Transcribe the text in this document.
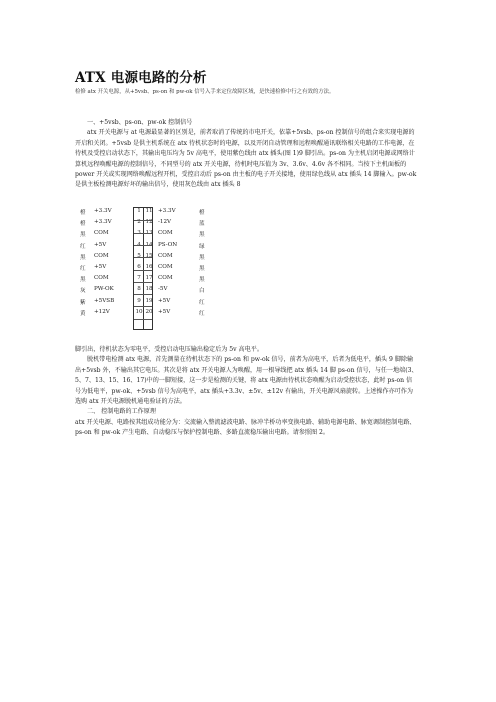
ATX 电源电路的分析
检修 atx 开关电源，从+5vsb、ps-on 和 pw-ok 信号入手来定位故障区域，是快速检修中行之有效的方法。

一、+5vsb、ps-on、pw-ok 控制信号

atx 开关电源与 at 电源最显著的区别是，前者取消了传统的市电开关，依靠+5vsb、ps-on 控制信号的组合来实现电源的开启和关闭。+5vsb 是供主机系统在 atx 待机状态时的电源，以及开闭自动管理和远程唤醒通讯联络相关电路的工作电源，在待机及受控启动状态下，其输出电压均为 5v 高电平，使用紫色线由 atx 插头(图 1)9 脚引出。ps-on 为主机启闭电源或网络计算机远程唤醒电源的控制信号，不同型号的 atx 开关电源，待机时电压值为 3v、3.6v、4.6v 各不相同。当按下主机面板的 power 开关或实现网络唤醒远程开机，受控启动后 ps-on 由主板的电子开关接地，使用绿色线从 atx 插头 14 脚输入。pw-ok 是供主板检测电源好坏的输出信号，使用灰色线由 atx 插头 8

橙 +3.3V	1 11 +3.3V	橙
橙 +3.3V	2 12 -12V	蓝
黑 COM	3 13 COM	黑
红 +5V	4 14 PS-ON	绿
黑 COM	5 15 COM	黑
红 +5V	6 16 COM	黑
黑 COM	7 17 COM	黑
灰 PW-OK	8 18 -5V	白
紫 +5VSB	9 19 +5V	红
黄 +12V	10 20 +5V	红

脚引出，待机状态为零电平，受控启动电压输出稳定后为 5v 高电平。

脱机带电检测 atx 电源，首先测量在待机状态下的 ps-on 和 pw-ok 信号，前者为高电平，后者为低电平，插头 9 脚除输出+5vsb 外，不输出其它电压。其次是将 atx 开关电源人为唤醒，用一根导线把 atx 插头 14 脚 ps-on 信号，与任一地端(3、5、7、13、15、16、17)中的一脚短接，这一步是检测的关键，将 atx 电源由待机状态唤醒为启动受控状态，此时 ps-on 信号为低电平，pw-ok、+5vsb 信号为高电平，atx 插头+3.3v、±5v、±12v 有输出，开关电源风扇旋转。上述操作亦可作为选购 atx 开关电源脱机通电验证的方法。

二、 控制电路的工作原理

atx 开关电源、电路按其组成功能分为：交流输入整流滤波电路、脉冲半桥功率变换电路、辅助电源电路、脉宽调制控制电路、ps-on 和 pw-ok 产生电路、自动稳压与保护控制电路、多路直流稳压输出电路。请参照图 2。
